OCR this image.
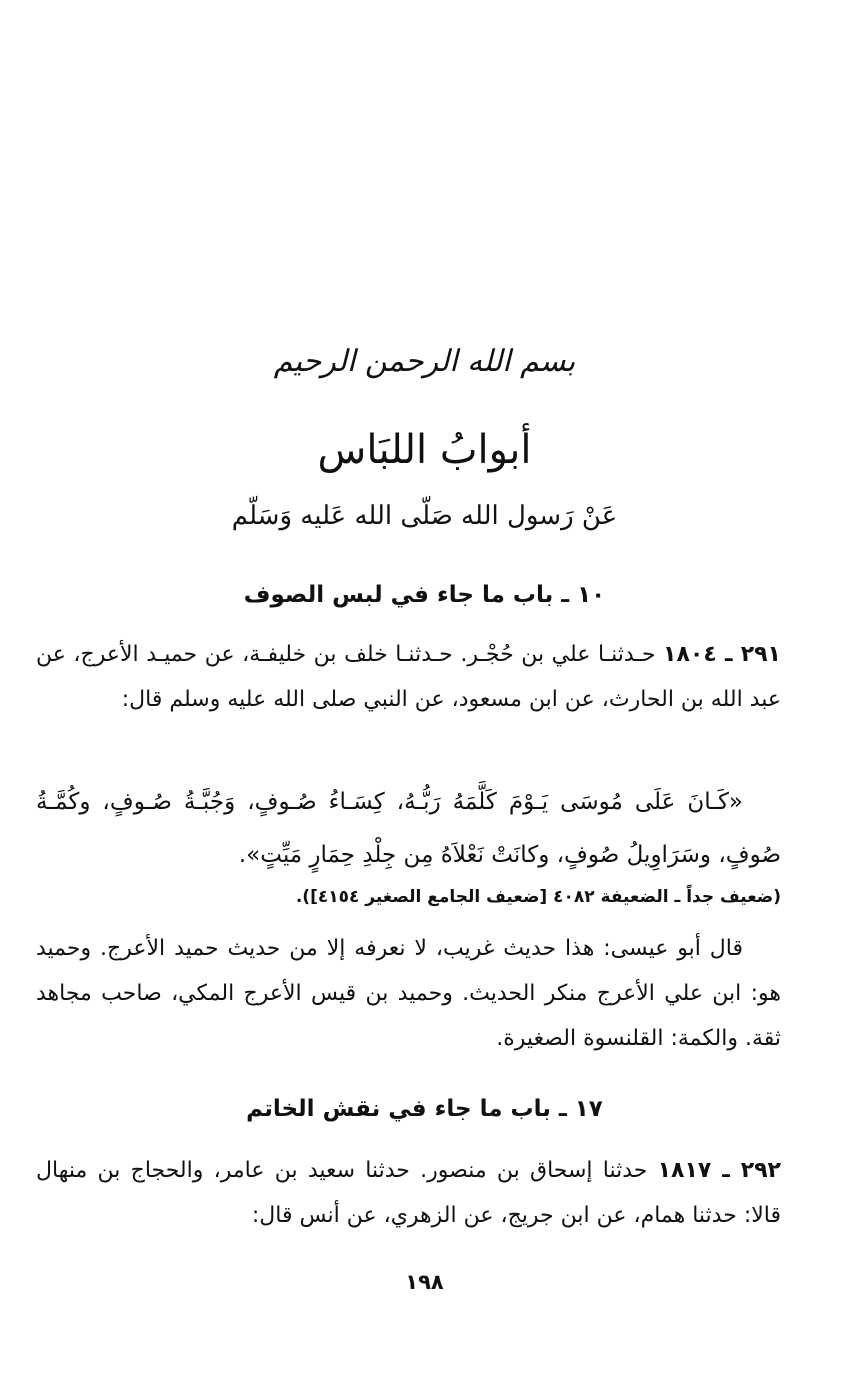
بسم الله الرحمن الرحيم
أبوابُ اللبَاس
عَنْ رَسول الله صَلّى الله عَليه وَسَلّم
١٠ ـ باب ما جاء في لبس الصوف
٢٩١ ـ ١٨٠٤ حـدثنـا علي بن حُجْـر. حـدثنـا خلف بن خليفـة، عن حميـد الأعرج، عن عبد الله بن الحارث، عن ابن مسعود، عن النبي صلى الله عليه وسلم قال:
«كَـانَ عَلَى مُوسَى يَـوْمَ كَلَّمَهُ رَبُّـهُ، كِسَـاءُ صُـوفٍ، وَجُبَّـةُ صُـوفٍ، وكُمَّـةُ صُوفٍ، وسَرَاوِيلُ صُوفٍ، وكانَتْ نَعْلاَهُ مِن جِلْدِ حِمَارٍ مَيِّتٍ».
(ضعيف جداً ـ الضعيفة ٤٠٨٢ [ضعيف الجامع الصغير ٤١٥٤]).
قال أبو عيسى: هذا حديث غريب، لا نعرفه إلا من حديث حميد الأعرج. وحميد هو: ابن علي الأعرج منكر الحديث. وحميد بن قيس الأعرج المكي، صاحب مجاهد ثقة. والكمة: القلنسوة الصغيرة.
١٧ ـ باب ما جاء في نقش الخاتم
٢٩٢ ـ ١٨١٧ حدثنا إسحاق بن منصور. حدثنا سعيد بن عامر، والحجاج بن منهال قالا: حدثنا همام، عن ابن جريج، عن الزهري، عن أنس قال:
١٩٨
